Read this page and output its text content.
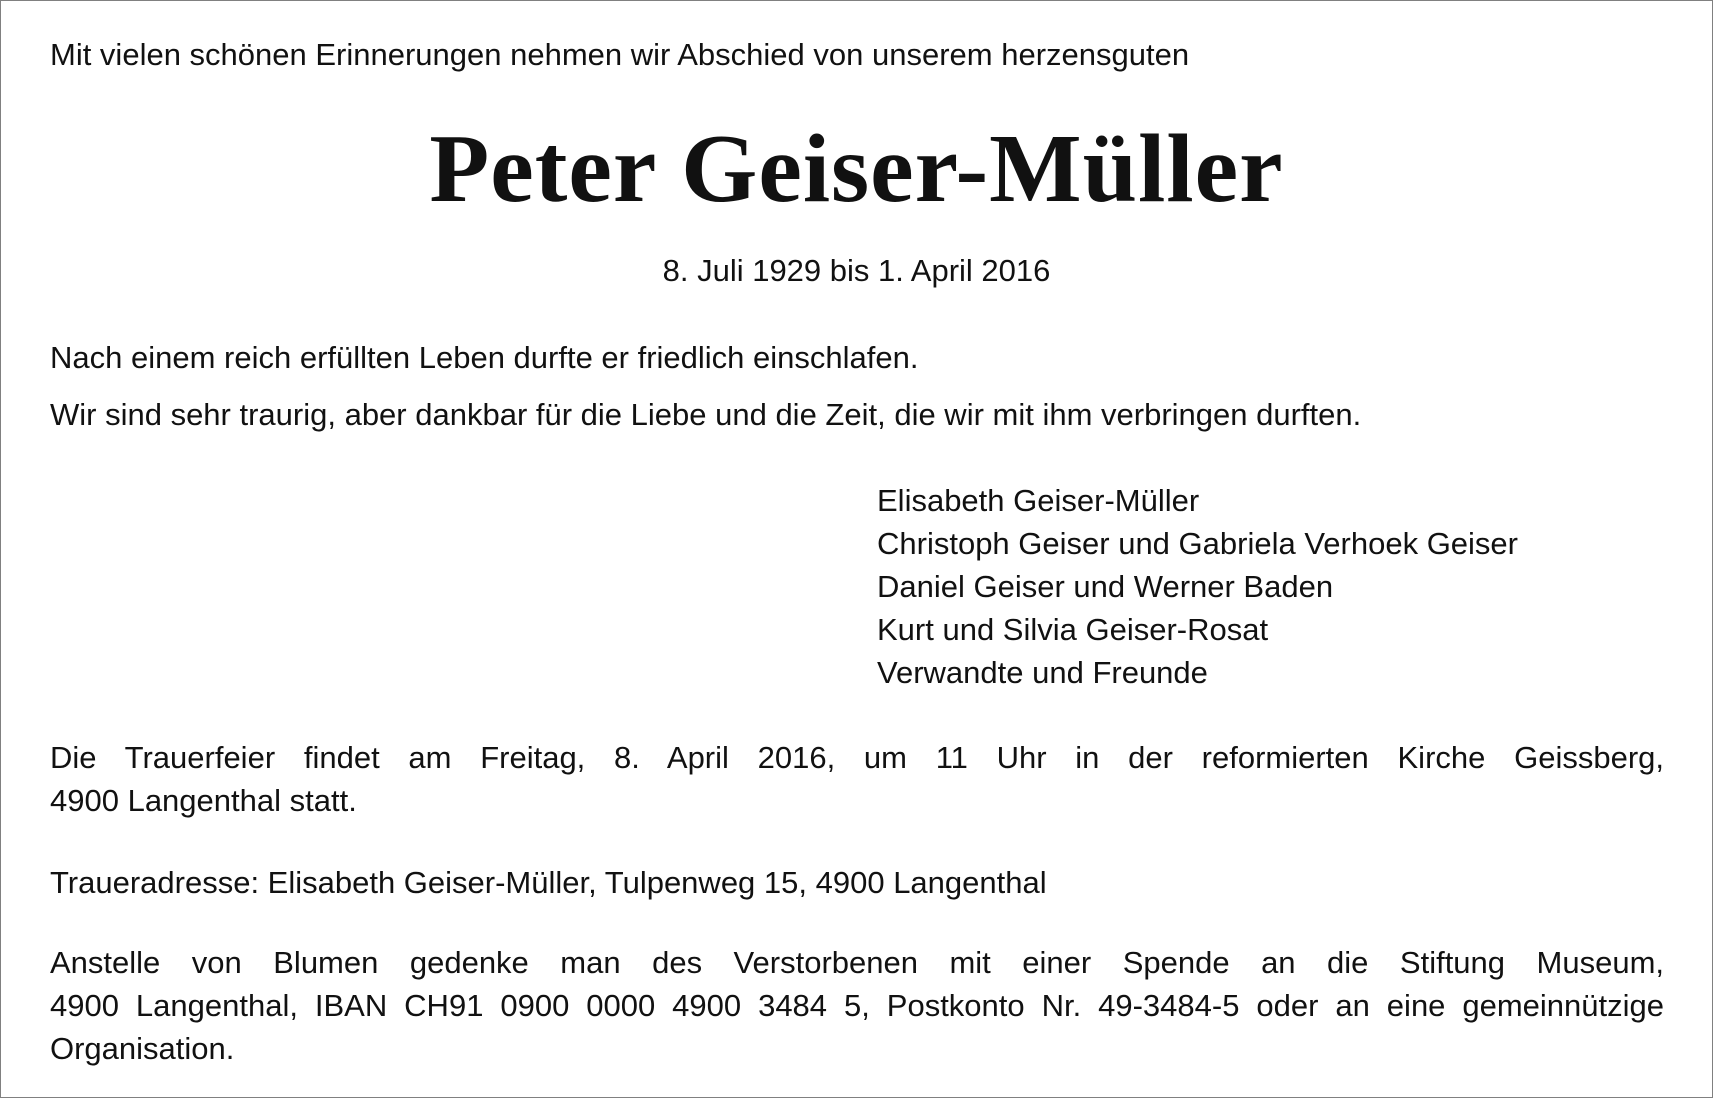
Mit vielen schönen Erinnerungen nehmen wir Abschied von unserem herzensguten

Peter Geiser-Müller

8. Juli 1929 bis 1. April 2016

Nach einem reich erfüllten Leben durfte er friedlich einschlafen.

Wir sind sehr traurig, aber dankbar für die Liebe und die Zeit, die wir mit ihm verbringen durften.

Elisabeth Geiser-Müller
Christoph Geiser und Gabriela Verhoek Geiser
Daniel Geiser und Werner Baden
Kurt und Silvia Geiser-Rosat
Verwandte und Freunde

Die Trauerfeier findet am Freitag, 8. April 2016, um 11 Uhr in der reformierten Kirche Geissberg,
4900 Langenthal statt.

Traueradresse: Elisabeth Geiser-Müller, Tulpenweg 15, 4900 Langenthal

Anstelle von Blumen gedenke man des Verstorbenen mit einer Spende an die Stiftung Museum,
4900 Langenthal, IBAN CH91 0900 0000 4900 3484 5, Postkonto Nr. 49-3484-5 oder an eine gemeinnützige
Organisation.
